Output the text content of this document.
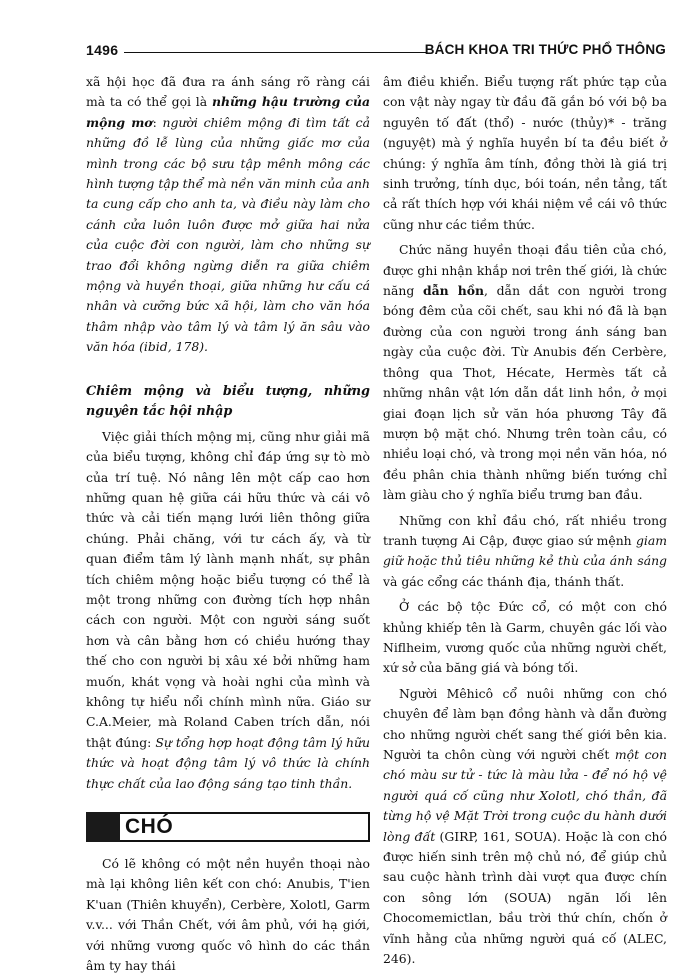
1496	BÁCH KHOA TRI THỨC PHỔ THÔNG

xã hội học đã đưa ra ánh sáng rõ ràng cái mà ta có thể gọi là những hậu trường của mộng mơ: người chiêm mộng đi tìm tất cả những đồ lễ lùng của những giấc mơ của mình trong các bộ sưu tập mênh mông các hình tượng tập thể mà nền văn minh của anh ta cung cấp cho anh ta, và điều này làm cho cánh cửa luôn luôn được mở giữa hai nửa của cuộc đời con người, làm cho những sự trao đổi không ngừng diễn ra giữa chiêm mộng và huyền thoại, giữa những hư cấu cá nhân và cưỡng bức xã hội, làm cho văn hóa thâm nhập vào tâm lý và tâm lý ăn sâu vào văn hóa (ibid, 178).

Chiêm mộng và biểu tượng, những nguyên tắc hội nhập

Việc giải thích mộng mị, cũng như giải mã của biểu tượng, không chỉ đáp ứng sự tò mò của trí tuệ. Nó nâng lên một cấp cao hơn những quan hệ giữa cái hữu thức và cái vô thức và cải tiến mạng lưới liên thông giữa chúng. Phải chăng, với tư cách ấy, và từ quan điểm tâm lý lành mạnh nhất, sự phân tích chiêm mộng hoặc biểu tượng có thể là một trong những con đường tích hợp nhân cách con người. Một con người sáng suốt hơn và cân bằng hơn có chiều hướng thay thế cho con người bị xâu xé bởi những ham muốn, khát vọng và hoài nghi của mình và không tự hiểu nổi chính mình nữa. Giáo sư C.A.Meier, mà Roland Caben trích dẫn, nói thật đúng: Sự tổng hợp hoạt động tâm lý hữu thức và hoạt động tâm lý vô thức là chính thực chất của lao động sáng tạo tinh thần.

CHÓ

Có lẽ không có một nền huyền thoại nào mà lại không liên kết con chó: Anubis, T'ien K'uan (Thiên khuyển), Cerbère, Xolotl, Garm v.v... với Thần Chết, với âm phủ, với hạ giới, với những vương quốc vô hình do các thần âm ty hay thái

âm điều khiển. Biểu tượng rất phức tạp của con vật này ngay từ đầu đã gắn bó với bộ ba nguyên tố đất (thổ) - nước (thủy)* - trăng (nguyệt) mà ý nghĩa huyền bí ta đều biết ở chúng: ý nghĩa âm tính, đồng thời là giá trị sinh trưởng, tính dục, bói toán, nền tảng, tất cả rất thích hợp với khái niệm về cái vô thức cũng như các tiềm thức.

Chức năng huyền thoại đầu tiên của chó, được ghi nhận khắp nơi trên thế giới, là chức năng dẫn hồn, dẫn dắt con người trong bóng đêm của cõi chết, sau khi nó đã là bạn đường của con người trong ánh sáng ban ngày của cuộc đời. Từ Anubis đến Cerbère, thông qua Thot, Hécate, Hermès tất cả những nhân vật lớn dẫn dắt linh hồn, ở mọi giai đoạn lịch sử văn hóa phương Tây đã mượn bộ mặt chó. Nhưng trên toàn cầu, có nhiều loại chó, và trong mọi nền văn hóa, nó đều phân chia thành những biến tướng chỉ làm giàu cho ý nghĩa biểu trưng ban đầu.

Những con khỉ đầu chó, rất nhiều trong tranh tượng Ai Cập, được giao sứ mệnh giam giữ hoặc thủ tiêu những kẻ thù của ánh sáng và gác cổng các thánh địa, thánh thất.

Ở các bộ tộc Đức cổ, có một con chó khủng khiếp tên là Garm, chuyên gác lối vào Niflheim, vương quốc của những người chết, xứ sở của băng giá và bóng tối.

Người Mêhicô cổ nuôi những con chó chuyên để làm bạn đồng hành và dẫn đường cho những người chết sang thế giới bên kia. Người ta chôn cùng với người chết một con chó màu sư tử - tức là màu lửa - để nó hộ vệ người quá cố cũng như Xolotl, chó thần, đã từng hộ vệ Mặt Trời trong cuộc du hành dưới lòng đất (GIRP, 161, SOUA). Hoặc là con chó được hiến sinh trên mộ chủ nó, để giúp chủ sau cuộc hành trình dài vượt qua được chín con sông lớn (SOUA) ngăn lối lên Chocomemictlan, bầu trời thứ chín, chốn ở vĩnh hằng của những người quá cố (ALEC, 246).
